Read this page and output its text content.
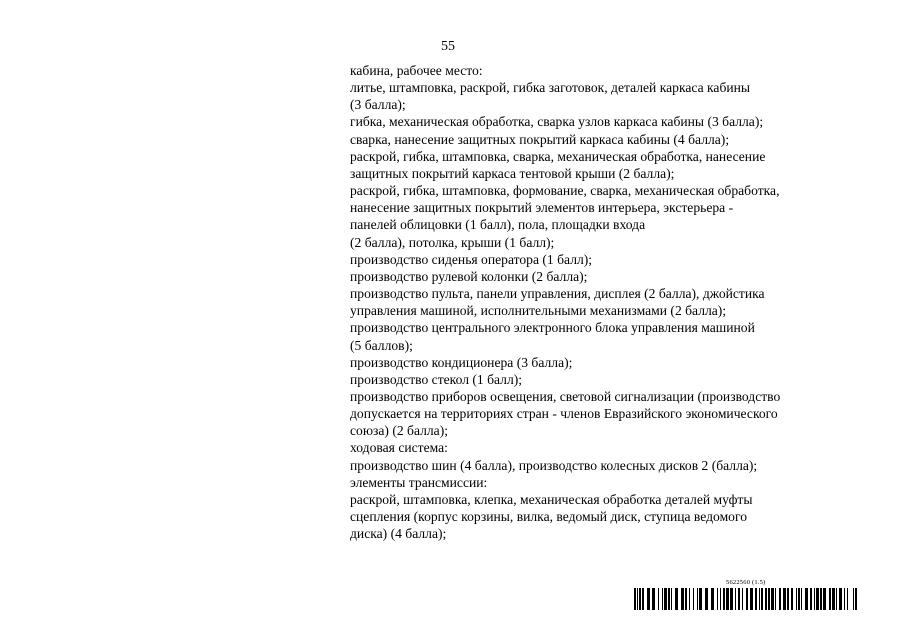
55
кабина, рабочее место:
литье, штамповка, раскрой, гибка заготовок, деталей каркаса кабины
(3 балла);
гибка, механическая обработка, сварка узлов каркаса кабины (3 балла);
сварка, нанесение защитных покрытий каркаса кабины (4 балла);
раскрой, гибка, штамповка, сварка, механическая обработка, нанесение
защитных покрытий каркаса тентовой крыши (2 балла);
раскрой, гибка, штамповка, формование, сварка, механическая обработка,
нанесение защитных покрытий элементов интерьера, экстерьера -
панелей облицовки (1 балл), пола, площадки входа
(2 балла), потолка, крыши (1 балл);
производство сиденья оператора (1 балл);
производство рулевой колонки (2 балла);
производство пульта, панели управления, дисплея (2 балла), джойстика
управления машиной, исполнительными механизмами (2 балла);
производство центрального электронного блока управления машиной
(5 баллов);
производство кондиционера (3 балла);
производство стекол (1 балл);
производство приборов освещения, световой сигнализации (производство
допускается на территориях стран - членов Евразийского экономического
союза) (2 балла);
ходовая система:
производство шин (4 балла), производство колесных дисков 2 (балла);
элементы трансмиссии:
раскрой, штамповка, клепка, механическая обработка деталей муфты
сцепления (корпус корзины, вилка, ведомый диск, ступица ведомого
диска) (4 балла);
5622560 (1.5)
